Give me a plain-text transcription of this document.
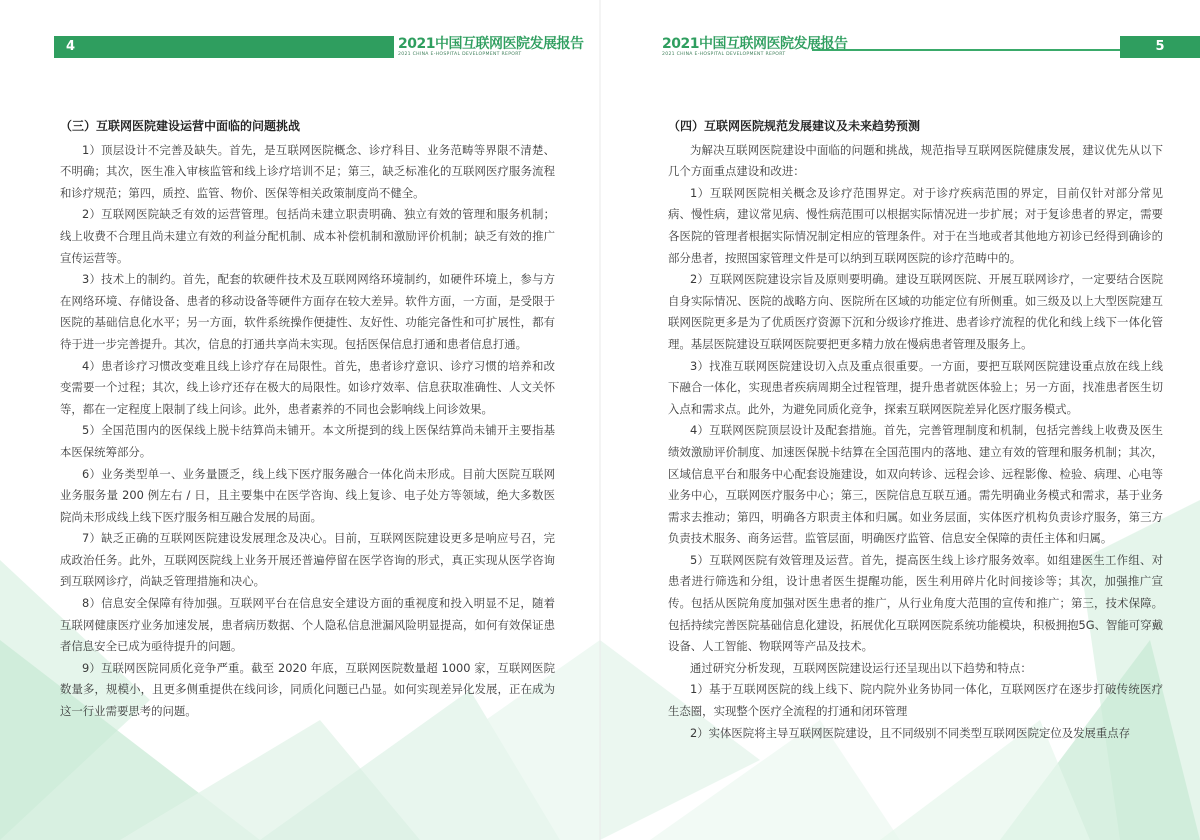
4	2021中国互联网医院发展报告
2021 CHINA E-HOSPITAL DEVELOPMENT REPORT
（三）互联网医院建设运营中面临的问题挑战

1）顶层设计不完善及缺失。首先，是互联网医院概念、诊疗科目、业务范畴等界限不清楚、不明确；其次，医生准入审核监管和线上诊疗培训不足；第三，缺乏标准化的互联网医疗服务流程和诊疗规范；第四，质控、监管、物价、医保等相关政策制度尚不健全。

2）互联网医院缺乏有效的运营管理。包括尚未建立职责明确、独立有效的管理和服务机制；线上收费不合理且尚未建立有效的利益分配机制、成本补偿机制和激励评价机制；缺乏有效的推广宣传运营等。

3）技术上的制约。首先，配套的软硬件技术及互联网网络环境制约，如硬件环境上，参与方在网络环境、存储设备、患者的移动设备等硬件方面存在较大差异。软件方面，一方面，是受限于医院的基础信息化水平；另一方面，软件系统操作便捷性、友好性、功能完备性和可扩展性，都有待于进一步完善提升。其次，信息的打通共享尚未实现。包括医保信息打通和患者信息打通。

4）患者诊疗习惯改变难且线上诊疗存在局限性。首先，患者诊疗意识、诊疗习惯的培养和改变需要一个过程；其次，线上诊疗还存在极大的局限性。如诊疗效率、信息获取准确性、人文关怀等，都在一定程度上限制了线上问诊。此外，患者素养的不同也会影响线上问诊效果。

5）全国范围内的医保线上脱卡结算尚未铺开。本文所提到的线上医保结算尚未铺开主要指基本医保统筹部分。

6）业务类型单一、业务量匮乏，线上线下医疗服务融合一体化尚未形成。目前大医院互联网业务服务量 200 例左右 / 日，且主要集中在医学咨询、线上复诊、电子处方等领域，绝大多数医院尚未形成线上线下医疗服务相互融合发展的局面。

7）缺乏正确的互联网医院建设发展理念及决心。目前，互联网医院建设更多是响应号召，完成政治任务。此外，互联网医院线上业务开展还普遍停留在医学咨询的形式，真正实现从医学咨询到互联网诊疗，尚缺乏管理措施和决心。

8）信息安全保障有待加强。互联网平台在信息安全建设方面的重视度和投入明显不足，随着互联网健康医疗业务加速发展，患者病历数据、个人隐私信息泄漏风险明显提高，如何有效保证患者信息安全已成为亟待提升的问题。

9）互联网医院同质化竞争严重。截至 2020 年底，互联网医院数量超 1000 家，互联网医院数量多，规模小，且更多侧重提供在线问诊，同质化问题已凸显。如何实现差异化发展，正在成为这一行业需要思考的问题。

2021中国互联网医院发展报告
2021 CHINA E-HOSPITAL DEVELOPMENT REPORT
5
（四）互联网医院规范发展建议及未来趋势预测

为解决互联网医院建设中面临的问题和挑战，规范指导互联网医院健康发展，建议优先从以下几个方面重点建设和改进：

1）互联网医院相关概念及诊疗范围界定。对于诊疗疾病范围的界定，目前仅针对部分常见病、慢性病，建议常见病、慢性病范围可以根据实际情况进一步扩展；对于复诊患者的界定，需要各医院的管理者根据实际情况制定相应的管理条件。对于在当地或者其他地方初诊已经得到确诊的部分患者，按照国家管理文件是可以纳到互联网医院的诊疗范畴中的。

2）互联网医院建设宗旨及原则要明确。建设互联网医院、开展互联网诊疗，一定要结合医院自身实际情况、医院的战略方向、医院所在区域的功能定位有所侧重。如三级及以上大型医院建互联网医院更多是为了优质医疗资源下沉和分级诊疗推进、患者诊疗流程的优化和线上线下一体化管理。基层医院建设互联网医院要把更多精力放在慢病患者管理及服务上。

3）找准互联网医院建设切入点及重点很重要。一方面，要把互联网医院建设重点放在线上线下融合一体化，实现患者疾病周期全过程管理，提升患者就医体验上；另一方面，找准患者医生切入点和需求点。此外，为避免同质化竞争，探索互联网医院差异化医疗服务模式。

4）互联网医院顶层设计及配套措施。首先，完善管理制度和机制，包括完善线上收费及医生绩效激励评价制度、加速医保脱卡结算在全国范围内的落地、建立有效的管理和服务机制；其次，区域信息平台和服务中心配套设施建设，如双向转诊、远程会诊、远程影像、检验、病理、心电等业务中心，互联网医疗服务中心；第三，医院信息互联互通。需先明确业务模式和需求，基于业务需求去推动；第四，明确各方职责主体和归属。如业务层面，实体医疗机构负责诊疗服务，第三方负责技术服务、商务运营。监管层面，明确医疗监管、信息安全保障的责任主体和归属。

5）互联网医院有效管理及运营。首先，提高医生线上诊疗服务效率。如组建医生工作组、对患者进行筛选和分组，设计患者医生提醒功能，医生利用碎片化时间接诊等；其次，加强推广宣传。包括从医院角度加强对医生患者的推广，从行业角度大范围的宣传和推广；第三，技术保障。包括持续完善医院基础信息化建设，拓展优化互联网医院系统功能模块，积极拥抱5G、智能可穿戴设备、人工智能、物联网等产品及技术。

通过研究分析发现，互联网医院建设运行还呈现出以下趋势和特点：

1）基于互联网医院的线上线下、院内院外业务协同一体化，互联网医疗在逐步打破传统医疗生态圈，实现整个医疗全流程的打通和闭环管理

2）实体医院将主导互联网医院建设，且不同级别不同类型互联网医院定位及发展重点存
